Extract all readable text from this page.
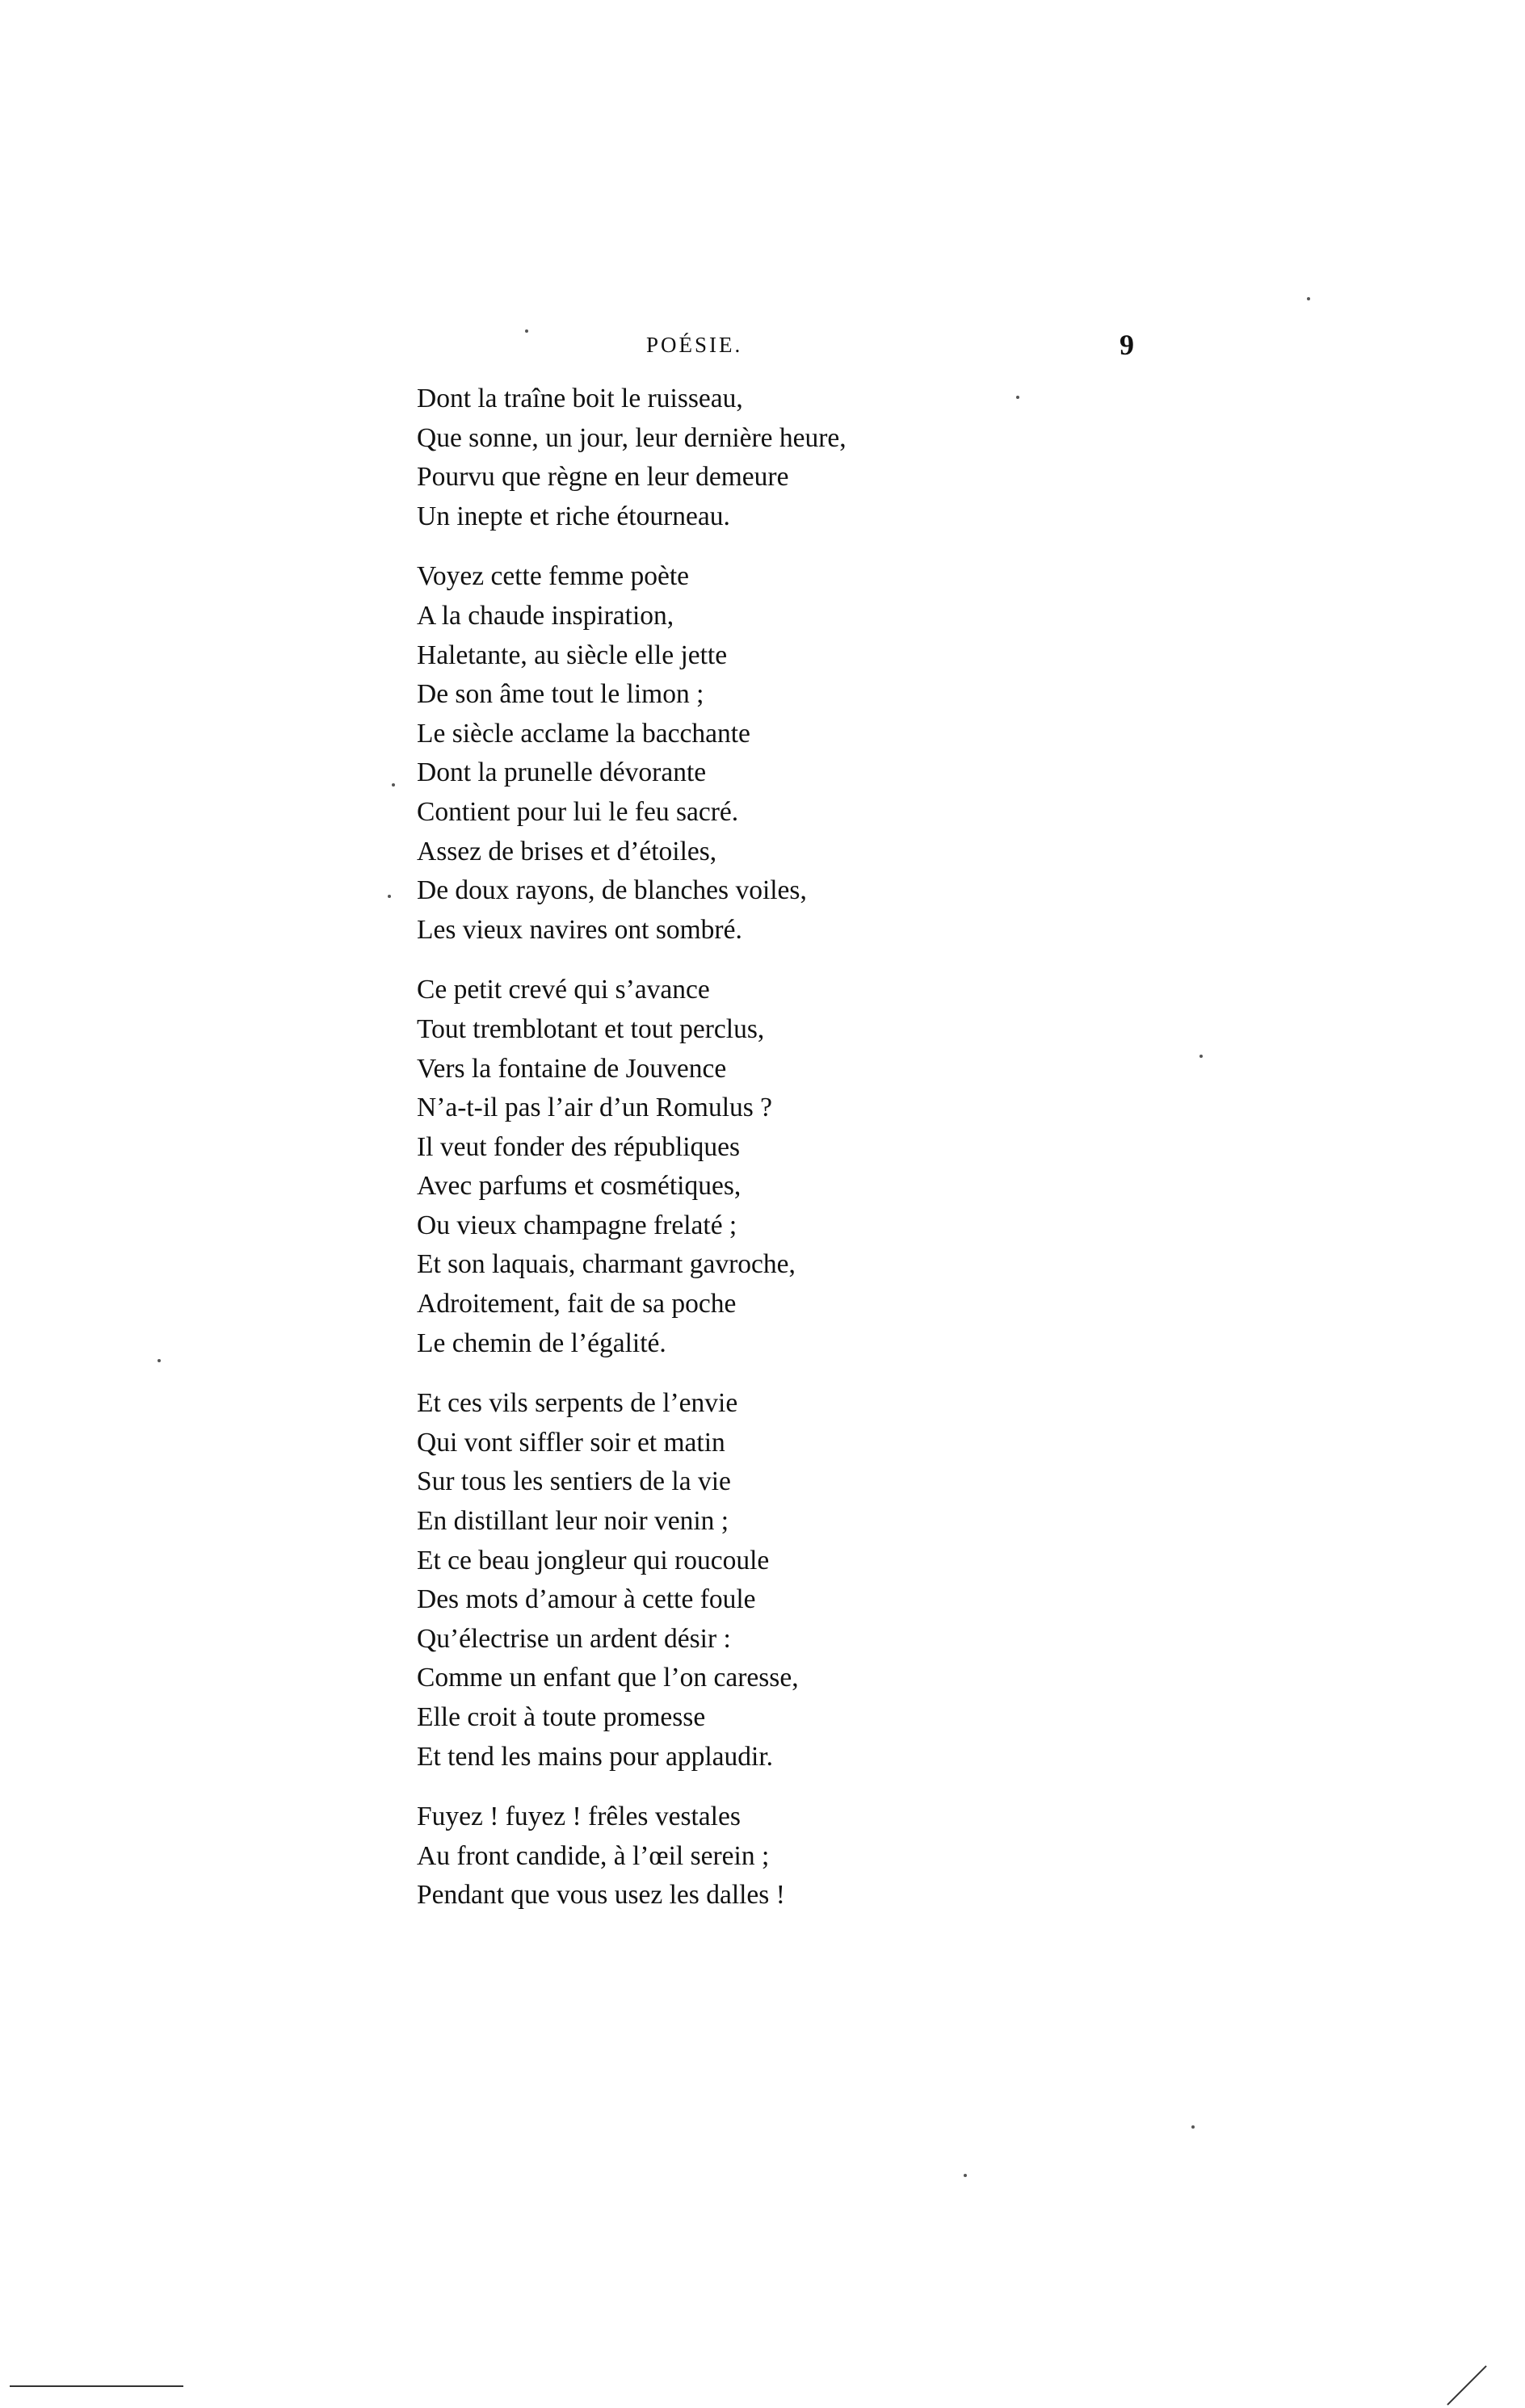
POÉSIE.	9
Dont la traîne boit le ruisseau,
Que sonne, un jour, leur dernière heure,
Pourvu que règne en leur demeure
Un inepte et riche étourneau.
Voyez cette femme poète
A la chaude inspiration,
Haletante, au siècle elle jette
De son âme tout le limon ;
Le siècle acclame la bacchante
Dont la prunelle dévorante
Contient pour lui le feu sacré.
Assez de brises et d’étoiles,
De doux rayons, de blanches voiles,
Les vieux navires ont sombré.
Ce petit crevé qui s’avance
Tout tremblotant et tout perclus,
Vers la fontaine de Jouvence
N’a-t-il pas l’air d’un Romulus ?
Il veut fonder des républiques
Avec parfums et cosmétiques,
Ou vieux champagne frelaté ;
Et son laquais, charmant gavroche,
Adroitement, fait de sa poche
Le chemin de l’égalité.
Et ces vils serpents de l’envie
Qui vont siffler soir et matin
Sur tous les sentiers de la vie
En distillant leur noir venin ;
Et ce beau jongleur qui roucoule
Des mots d’amour à cette foule
Qu’électrise un ardent désir :
Comme un enfant que l’on caresse,
Elle croit à toute promesse
Et tend les mains pour applaudir.
Fuyez ! fuyez ! frêles vestales
Au front candide, à l’œil serein ;
Pendant que vous usez les dalles !
